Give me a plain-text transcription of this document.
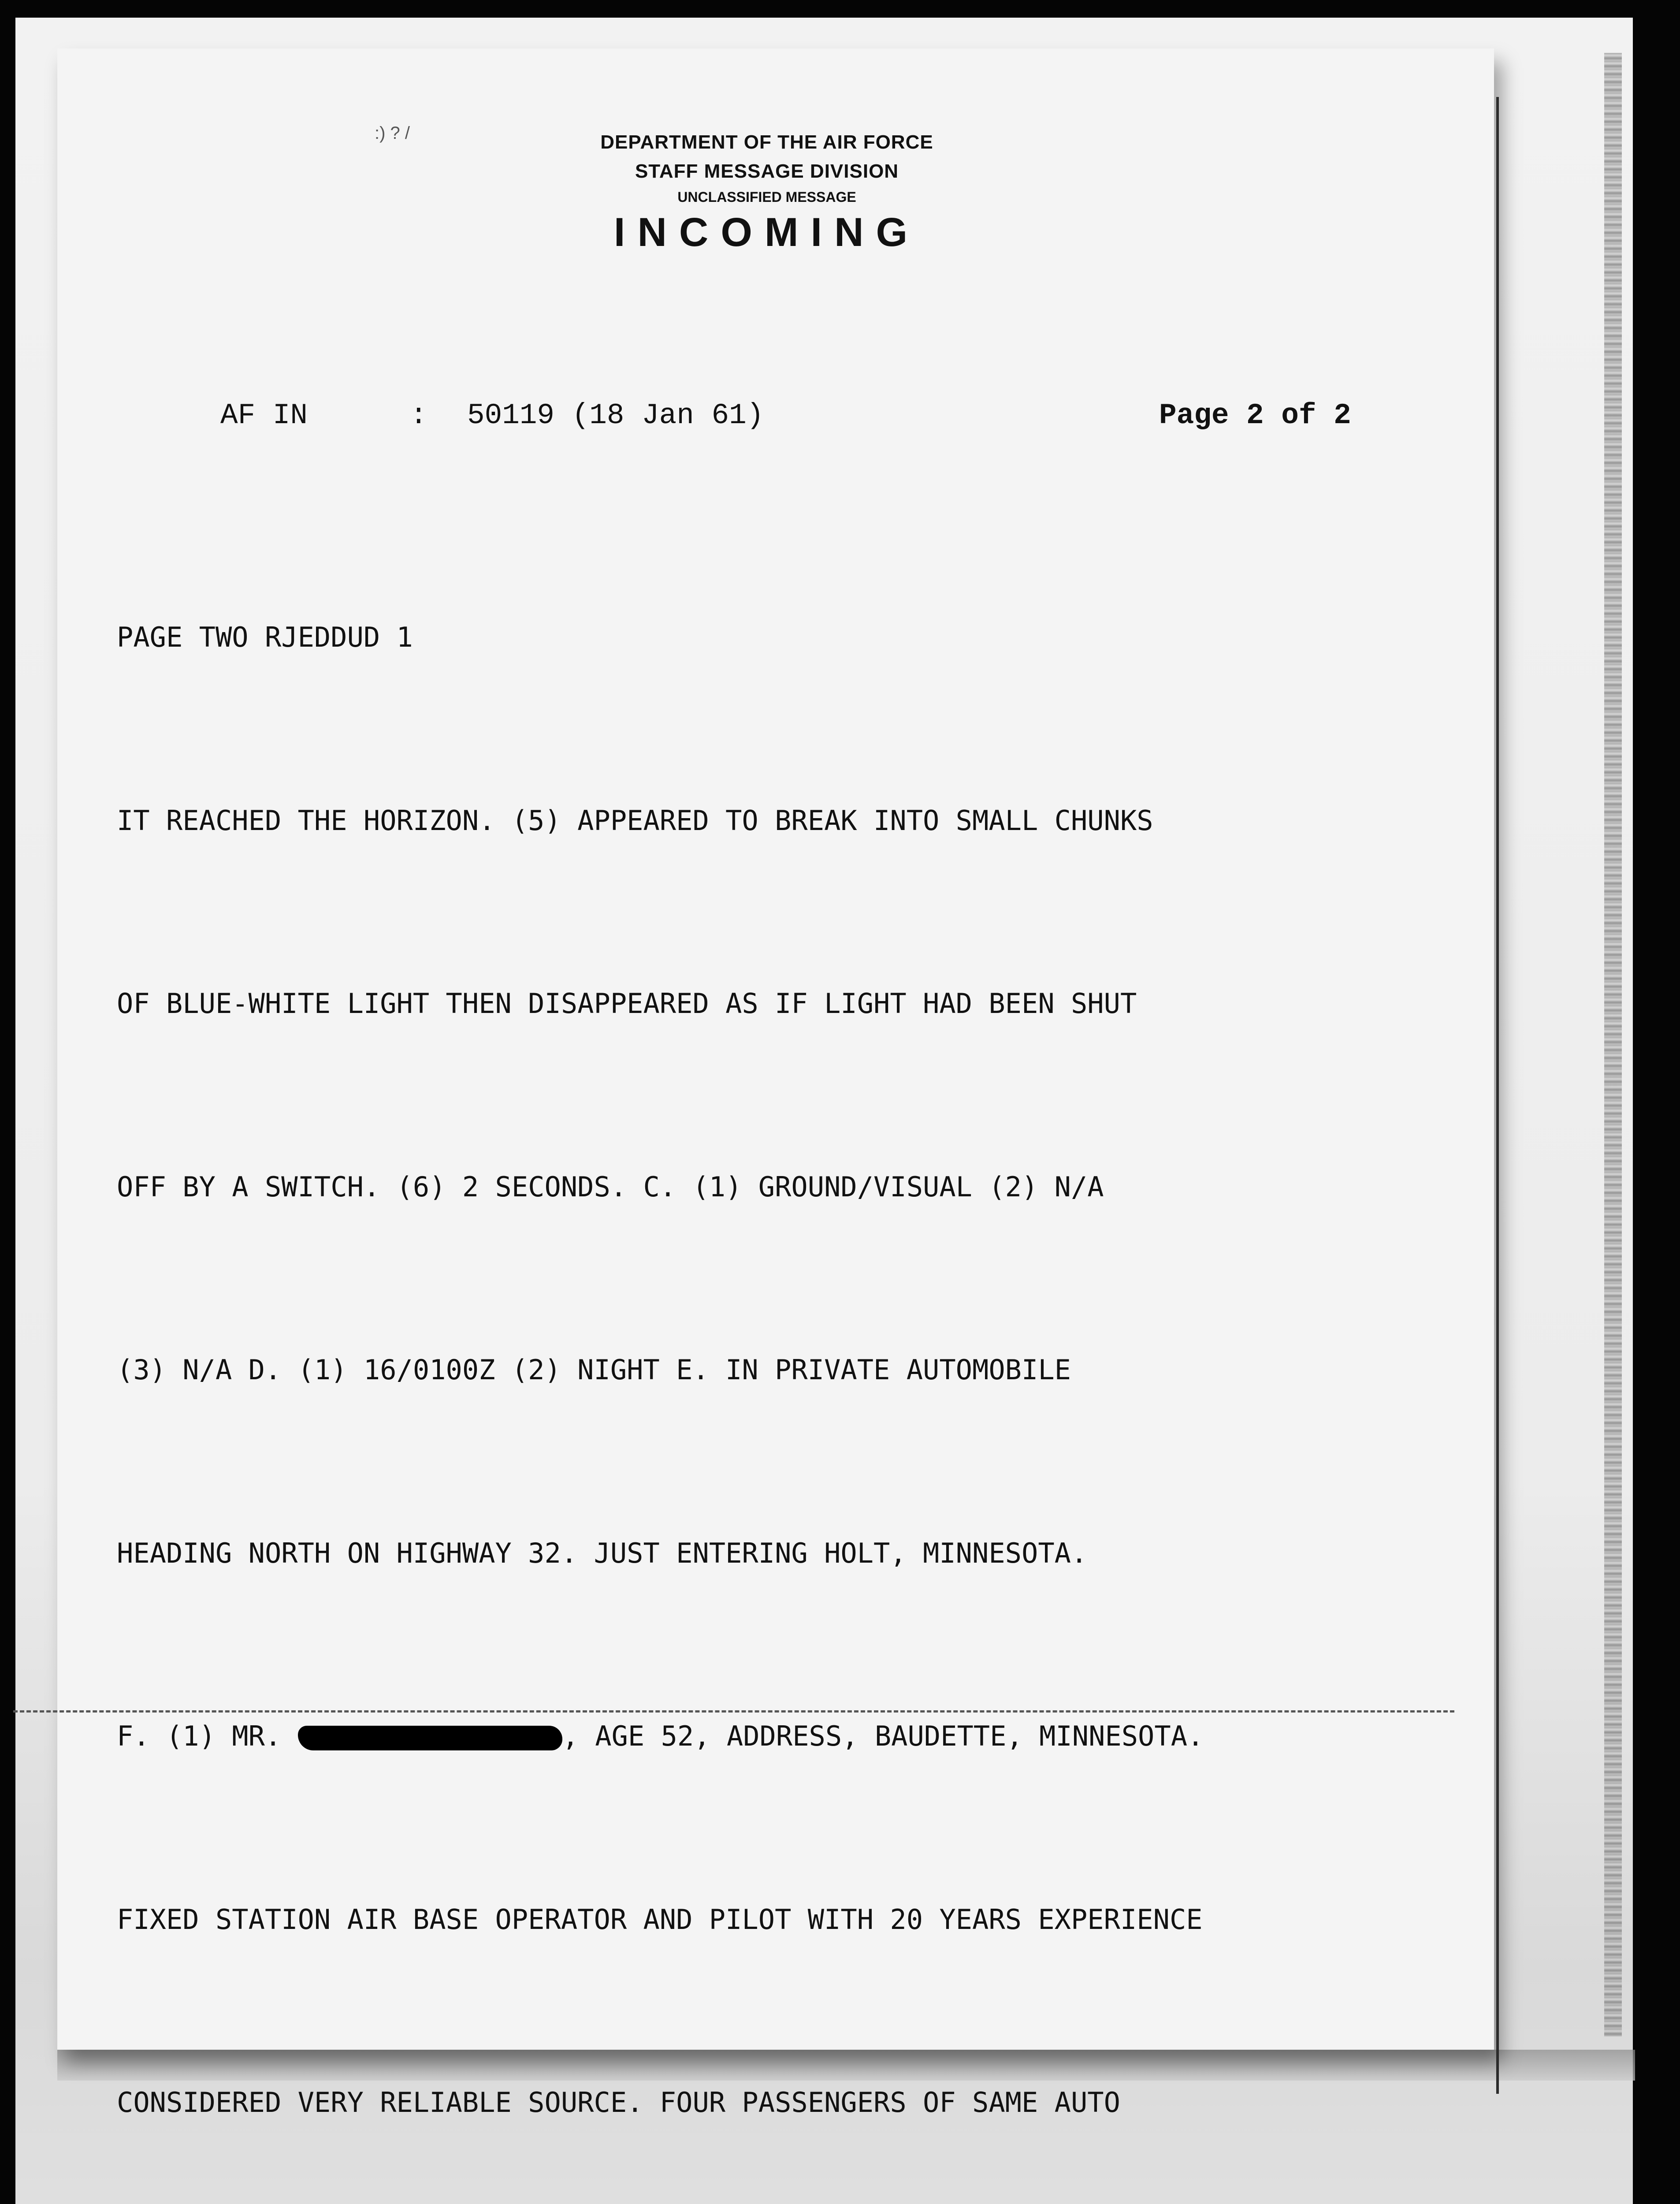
:) ? /	DEPARTMENT OF THE AIR FORCE
STAFF MESSAGE DIVISION
UNCLASSIFIED MESSAGE
INCOMING
AF IN	: 50119 (18 Jan 61)	Page 2 of 2

PAGE TWO RJEDDUD 1

IT REACHED THE HORIZON. (5) APPEARED TO BREAK INTO SMALL CHUNKS

OF BLUE-WHITE LIGHT THEN DISAPPEARED AS IF LIGHT HAD BEEN SHUT

OFF BY A SWITCH. (6) 2 SECONDS. C. (1) GROUND/VISUAL (2) N/A

(3) N/A D. (1) 16/0100Z (2) NIGHT E. IN PRIVATE AUTOMOBILE

HEADING NORTH ON HIGHWAY 32. JUST ENTERING HOLT, MINNESOTA.

F. (1) MR.	, AGE 52, ADDRESS, BAUDETTE, MINNESOTA.

FIXED STATION AIR BASE OPERATOR AND PILOT WITH 20 YEARS EXPERIENCE

CONSIDERED VERY RELIABLE SOURCE. FOUR PASSENGERS OF SAME AUTO
